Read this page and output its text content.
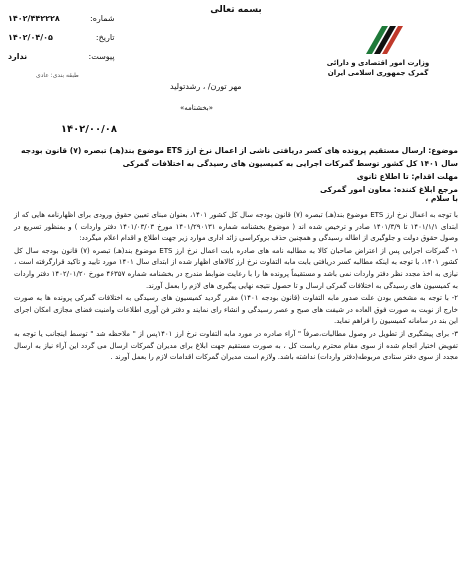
بسمه تعالی
وزارت امور اقتصادی و دارائی
گمرک جمهوری اسلامی ایران
شماره: ۱۴۰۲/۴۴۲۲۲۸
تاریخ: ۱۴۰۲/۰۴/۰۵
پیوست: ندارد
طبقه بندی: عادی
مهر تورن/ ، رشدتولید
«بخشنامه»
۱۴۰۲/۰۰/۰۸
موضوع: ارسال مستقیم پرونده های کسر دریافتی ناشی از اعمال نرخ ارز ETS موضوع بند(هـ) تبصره (۷) قانون بودجه سال ۱۴۰۱ کل کشور توسط گمرکات اجرایی به کمیسیون های رسیدگی به اختلافات گمرکی
مهلت اقدام: تا اطلاع ثانوی
مرجع ابلاغ کننده: معاون امور گمرکی
با سلام ،

با توجه به اعمال نرخ ارز ETS موضوع بند(هـ) تبصره (۷) قانون بودجه سال کل کشور ۱۴۰۱، بعنوان مبنای تعیین حقوق ورودی برای اظهارنامه هایی که از ابتدای ۱۴۰۱/۱/۱ تا ۱۴۰۱/۳/۹ صادر و ترخیص شده اند ( موضوع بخشنامه شماره ۱۴۰۱/۲۹۰۱۳۱ مورخ ۱۴۰۱/۰۳/۰۳ دفتر واردات ) و بمنظور تسریع در وصول حقوق دولت و جلوگیری از اطاله رسیدگی و همچنین حذف بروکراسی زائد اداری موارد زیر جهت اطلاع و اقدام اعلام میگردد:

۱- گمرکات اجرایی پس از اعتراض صاحبان کالا به مطالبه نامه های صادره بابت اعمال نرخ ارز ETS موضوع بند(هـ) تبصره (۷) قانون بودجه سال کل کشور ۱۴۰۱، با توجه به اینکه مطالبه کسر دریافتی بابت مابه التفاوت نرخ ارز کالاهای اظهار شده از ابتدای سال ۱۴۰۱ مورد تایید و تاکید قرارگرفته است ، نیازی به اخذ مجدد نظر دفتر واردات نمی باشد و مستقیماً پرونده ها را با رعایت ضوابط مندرج در بخشنامه شماره ۴۶۳۵۷ مورخ ۱۴۰۲/۰۱/۲۰ دفتر واردات به کمیسیون های رسیدگی به اختلافات گمرکی ارسال و تا حصول نتیجه نهایی پیگیری های لازم را بعمل آورند.

۲- با توجه به مشخص بودن علت صدور مابه التفاوت (قانون بودجه ۱۴۰۱) مقرر گردید کمیسیون های رسیدگی به اختلافات گمرکی پرونده ها به صورت خارج از نوبت به صورت فوق العاده در شیفت های صبح و عصر رسیدگی و انشاء رای نمایند و دفتر فن آوری اطلاعات وامنیت فضای مجازی امکان اجرای این بند در سامانه کمیسیون را فراهم نماید.

۳- برای پیشگیری از تطویل در وصول مطالبات،صرفاً " آراء صادره در مورد مابه التفاوت نرخ ارز ۱۴۰۱پس از " ملاحظه شد " توسط اینجانب یا توجه به تفویض اختیار انجام شده از سوی مقام محترم ریاست کل ، به صورت مستقیم جهت ابلاغ برای مدیران گمرکات ارسال می گردد این آراء نیاز به ارسال مجدد از سوی دفتر ستادی مربوطه(دفتر واردات) نداشته باشد. ولازم است مدیران گمرکات اقدامات لازم را بعمل آورند .
